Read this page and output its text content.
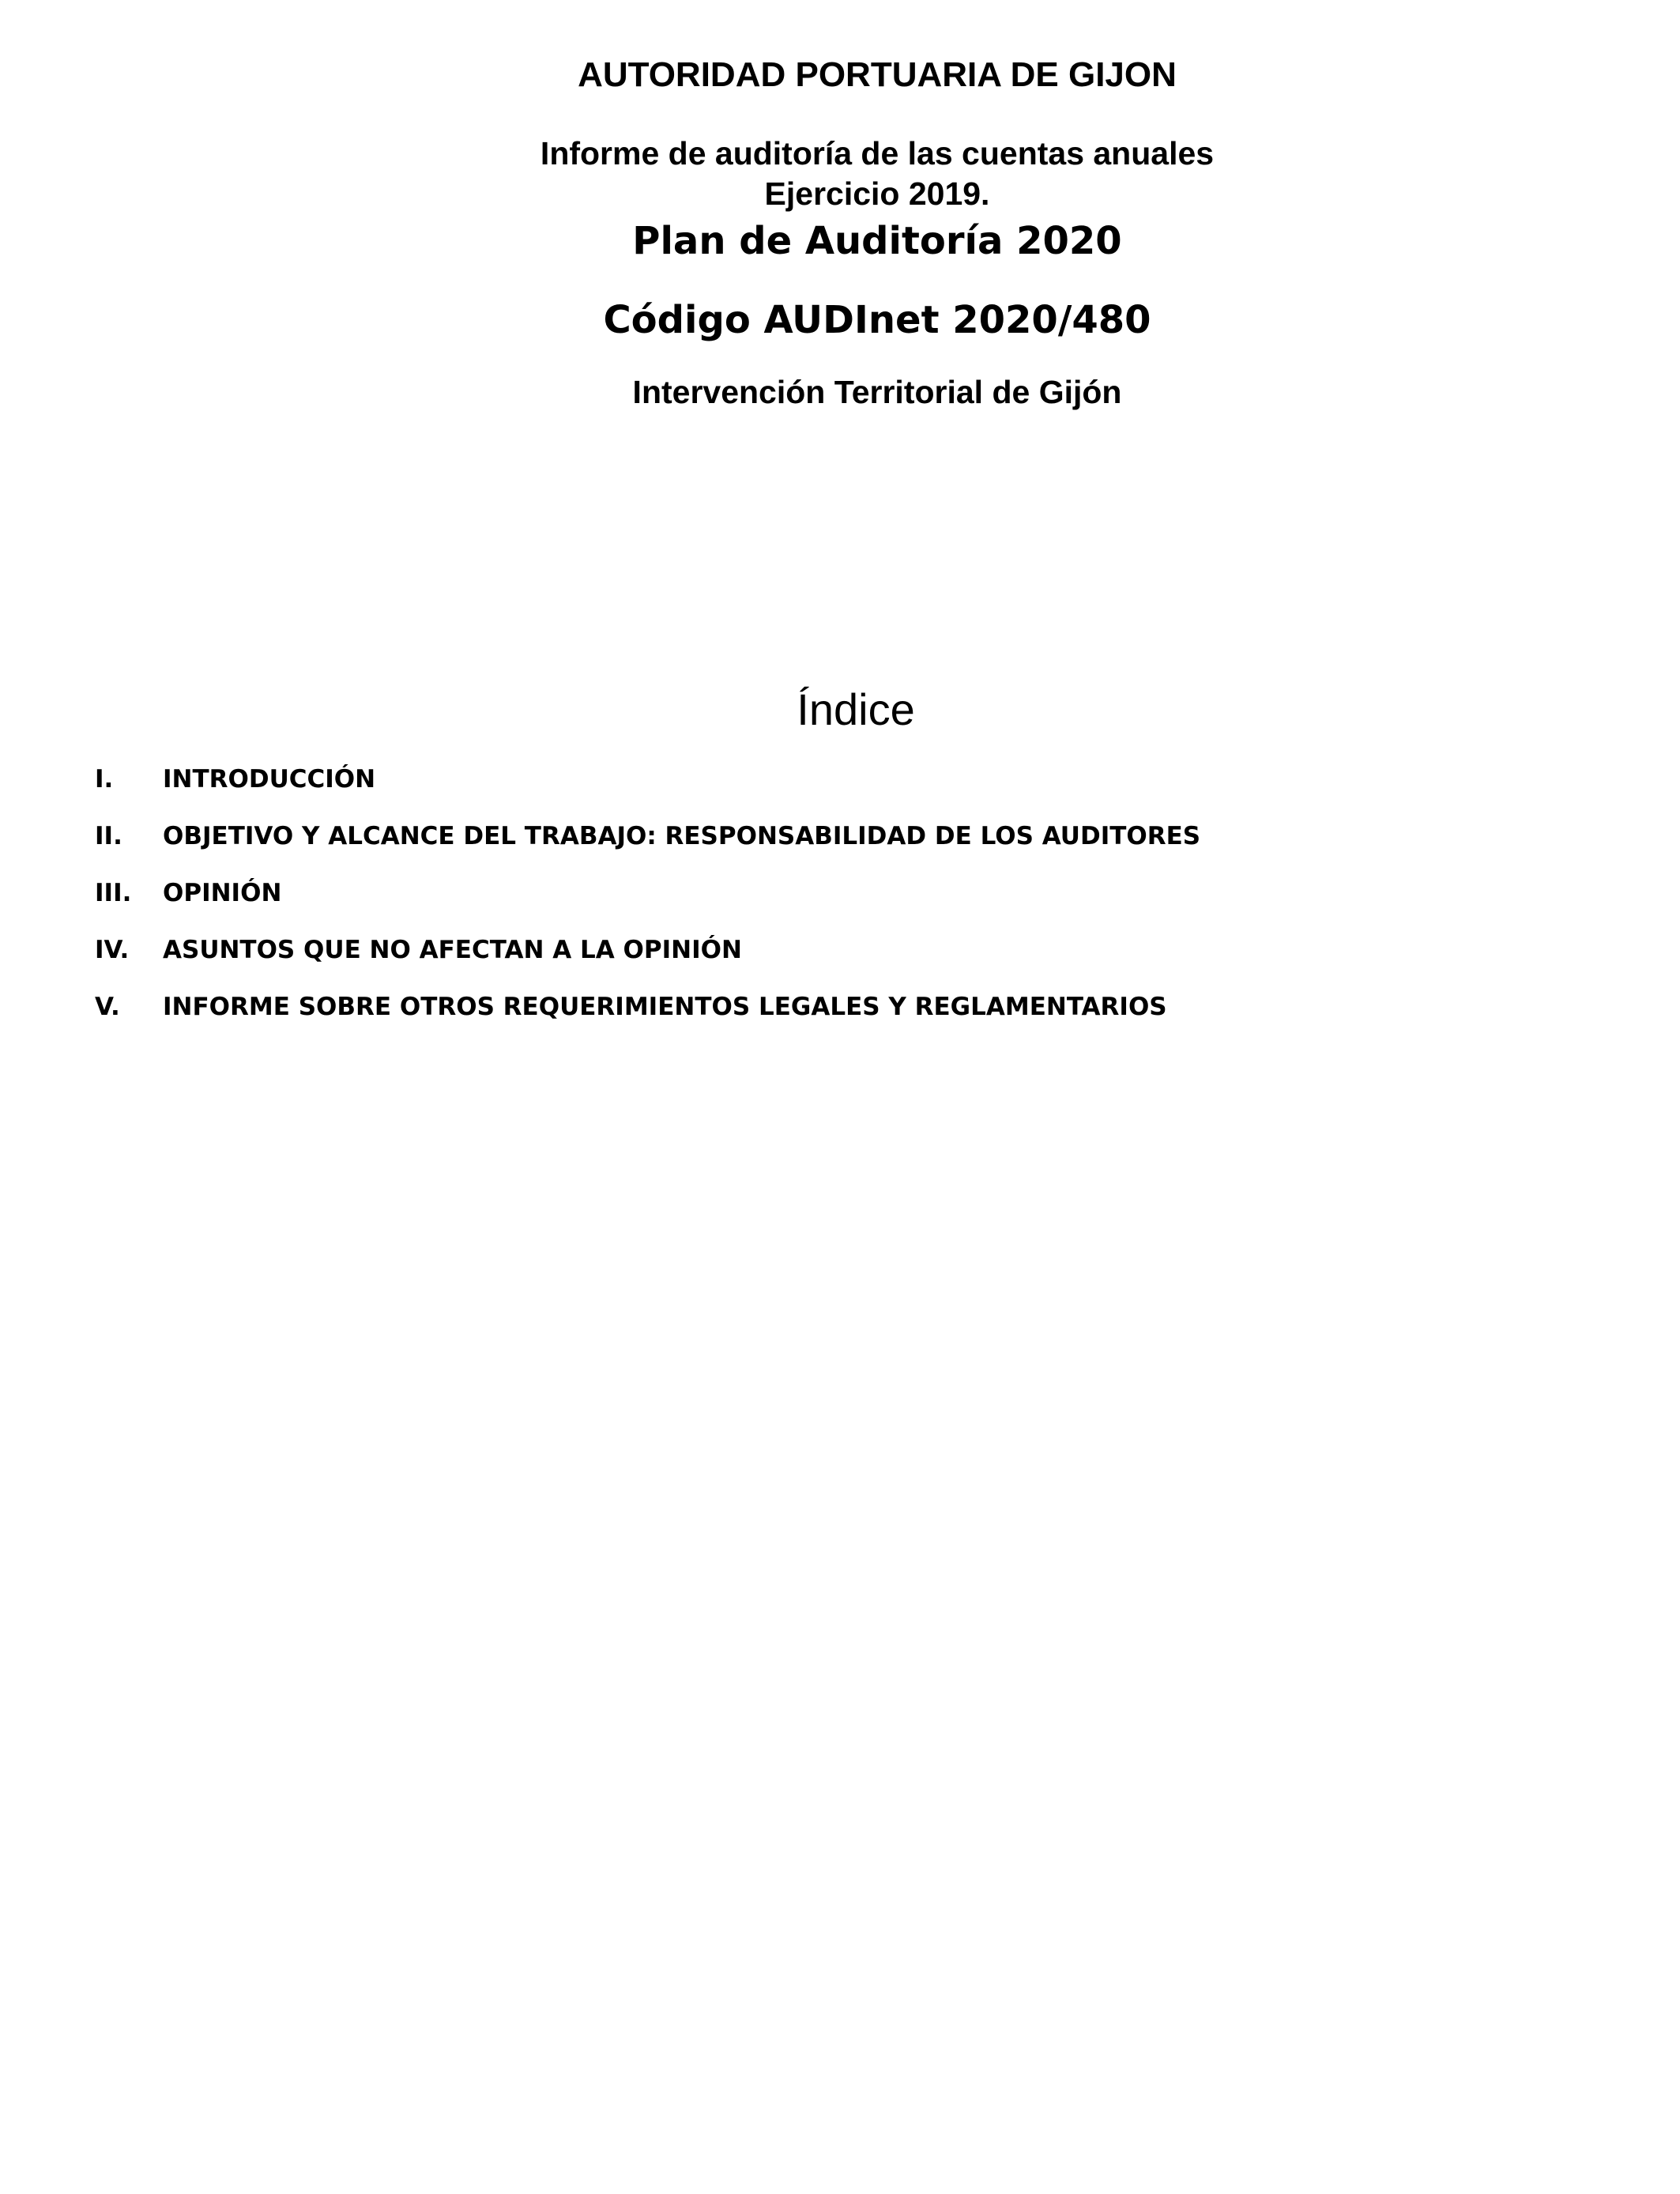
AUTORIDAD PORTUARIA DE GIJON
Informe de auditoría de las cuentas anuales
Ejercicio 2019.
Plan de Auditoría 2020
Código AUDInet 2020/480
Intervención Territorial de Gijón
Índice
I.	INTRODUCCIÓN
II.	OBJETIVO Y ALCANCE DEL TRABAJO: RESPONSABILIDAD DE LOS AUDITORES
III.	OPINIÓN
IV.	ASUNTOS QUE NO AFECTAN A LA OPINIÓN
V.	INFORME SOBRE OTROS REQUERIMIENTOS LEGALES Y REGLAMENTARIOS
